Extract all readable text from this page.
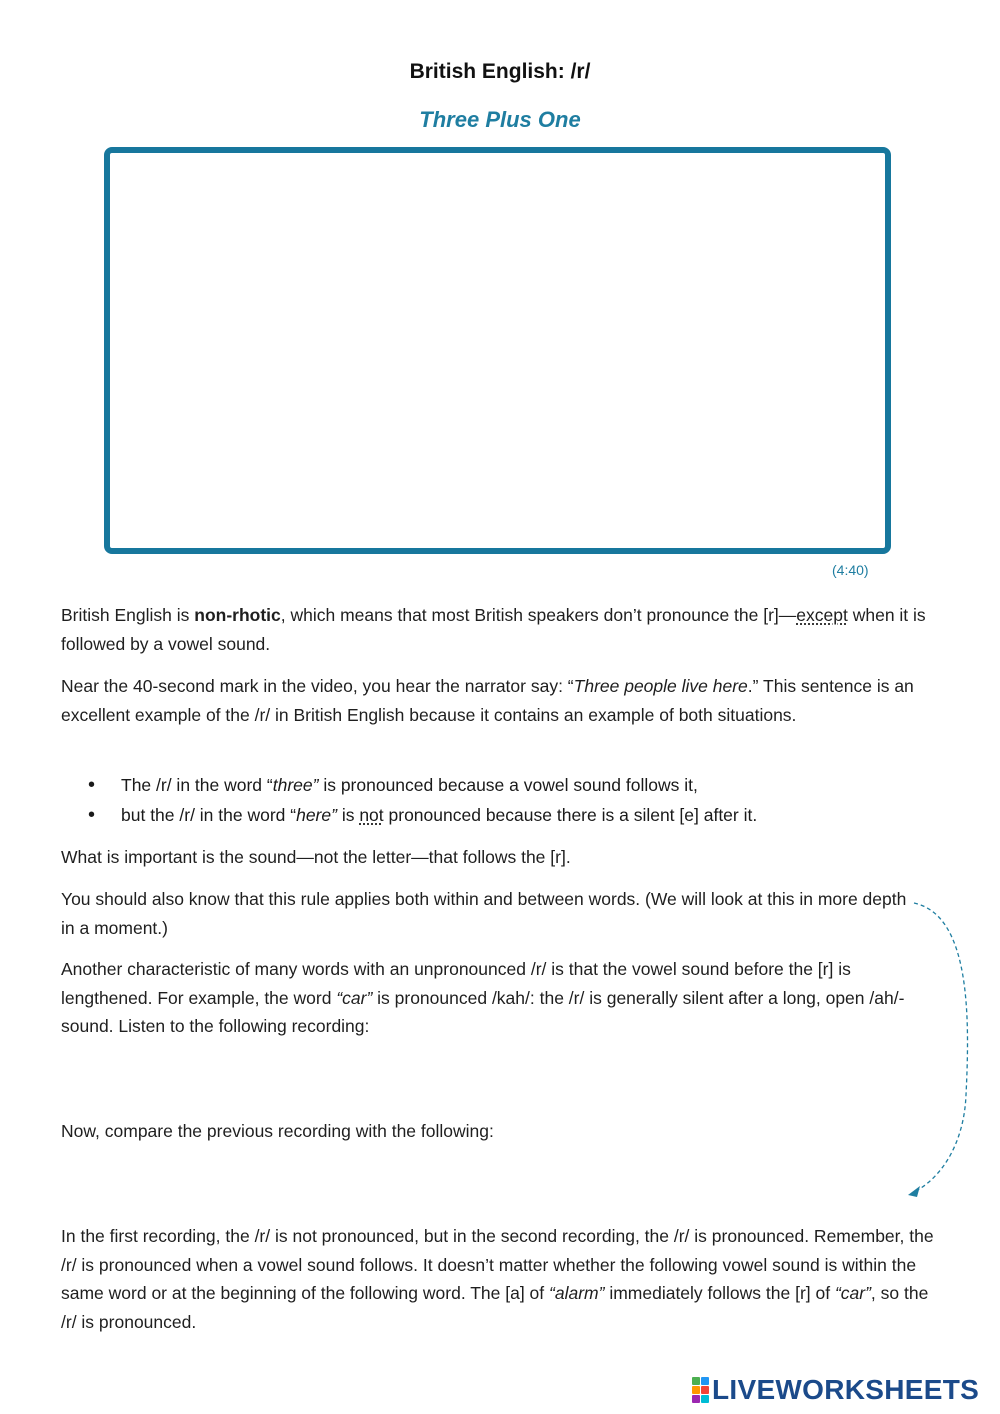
British English: /r/
Three Plus One
(4:40)

British English is non-rhotic, which means that most British speakers don’t pronounce the [r]—except when it is followed by a vowel sound.

Near the 40-second mark in the video, you hear the narrator say: “Three people live here.” This sentence is an excellent example of the /r/ in British English because it contains an example of both situations.

• The /r/ in the word “three” is pronounced because a vowel sound follows it,
• but the /r/ in the word “here” is not pronounced because there is a silent [e] after it.

What is important is the sound—not the letter—that follows the [r].

You should also know that this rule applies both within and between words. (We will look at this in more depth in a moment.)

Another characteristic of many words with an unpronounced /r/ is that the vowel sound before the [r] is lengthened. For example, the word “car” is pronounced /kah/: the /r/ is generally silent after a long, open /ah/-sound. Listen to the following recording:

Now, compare the previous recording with the following:

In the first recording, the /r/ is not pronounced, but in the second recording, the /r/ is pronounced. Remember, the /r/ is pronounced when a vowel sound follows. It doesn’t matter whether the following vowel sound is within the same word or at the beginning of the following word. The [a] of “alarm” immediately follows the [r] of “car”, so the /r/ is pronounced.

LIVEWORKSHEETS
